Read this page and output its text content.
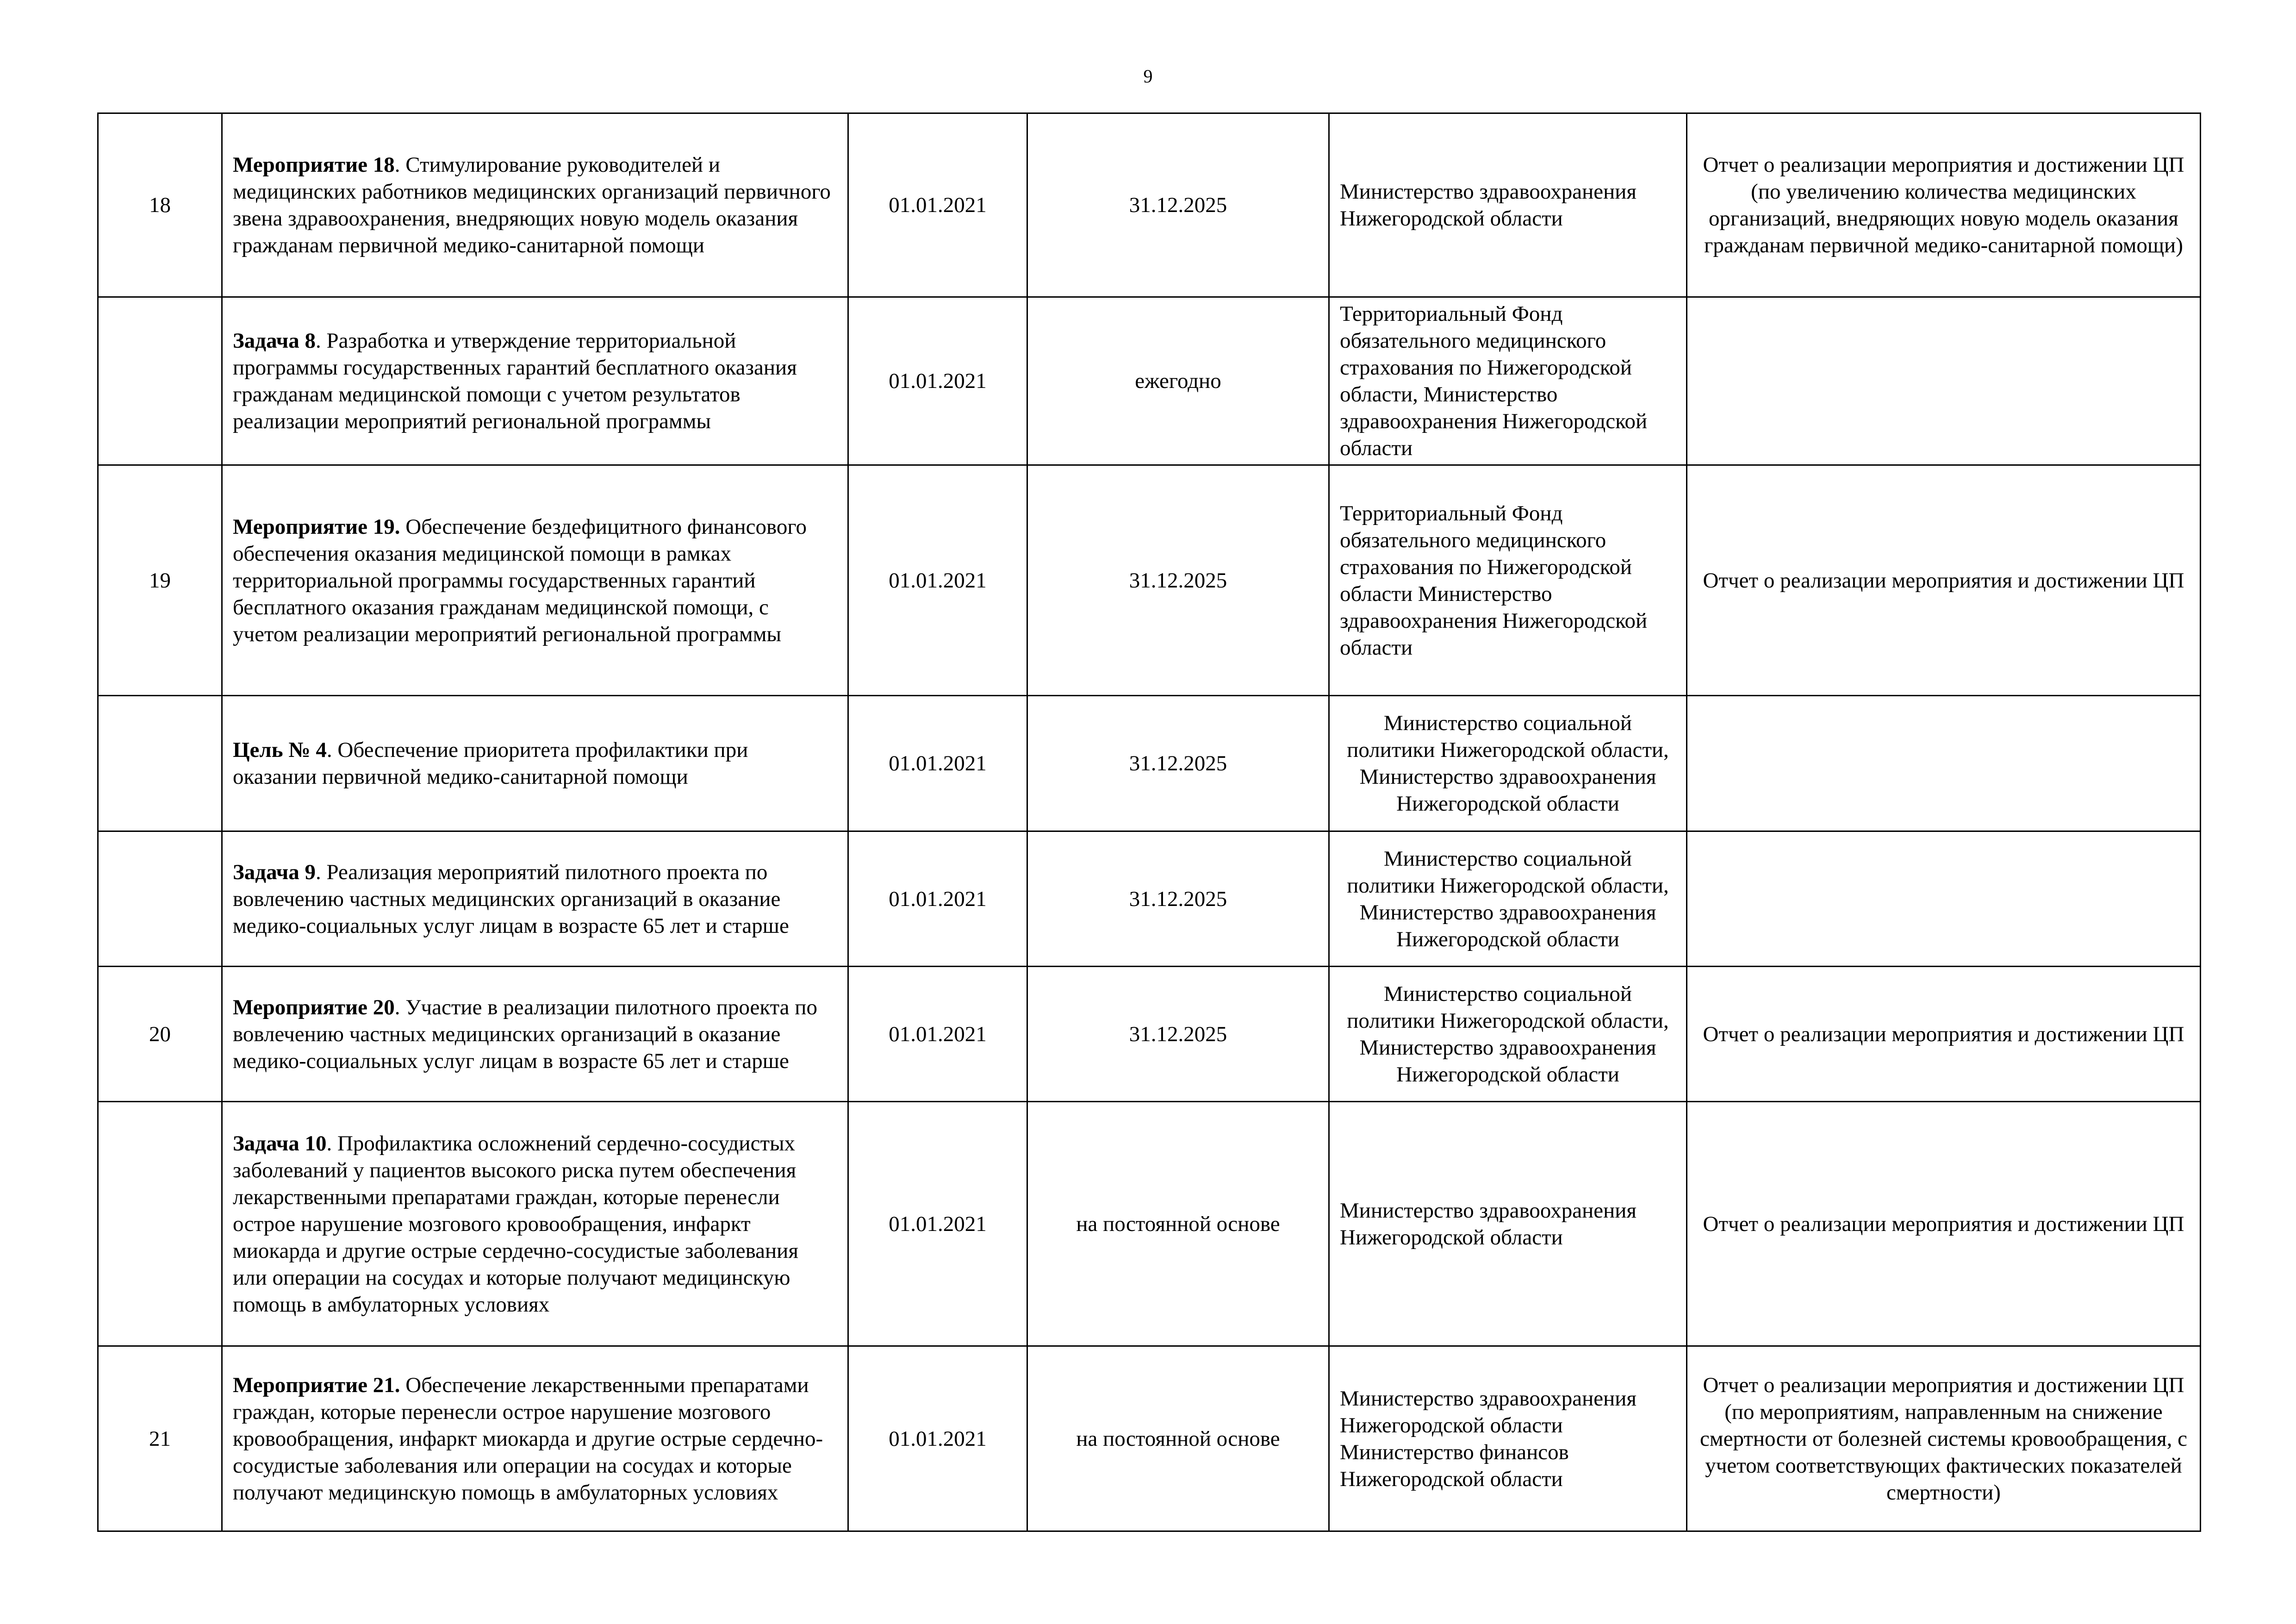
9
18	Мероприятие 18. Стимулирование руководителей и медицинских работников медицинских организаций первичного звена здравоохранения, внедряющих новую модель оказания гражданам первичной медико-санитарной помощи	01.01.2021	31.12.2025	Министерство здравоохранения Нижегородской области	Отчет о реализации мероприятия и достижении ЦП (по увеличению количества медицинских организаций, внедряющих новую модель оказания гражданам первичной медико-санитарной помощи)
	Задача 8. Разработка и утверждение территориальной программы государственных гарантий бесплатного оказания гражданам медицинской помощи с учетом результатов реализации мероприятий региональной программы	01.01.2021	ежегодно	Территориальный Фонд обязательного медицинского страхования по Нижегородской области, Министерство здравоохранения Нижегородской области	
19	Мероприятие 19. Обеспечение бездефицитного финансового обеспечения оказания медицинской помощи в рамках территориальной программы государственных гарантий бесплатного оказания гражданам медицинской помощи, с учетом реализации мероприятий региональной программы	01.01.2021	31.12.2025	Территориальный Фонд обязательного медицинского страхования по Нижегородской области Министерство здравоохранения Нижегородской области	Отчет о реализации мероприятия и достижении ЦП
	Цель № 4. Обеспечение приоритета профилактики при оказании первичной медико-санитарной помощи	01.01.2021	31.12.2025	Министерство социальной политики Нижегородской области, Министерство здравоохранения Нижегородской области	
	Задача 9. Реализация мероприятий пилотного проекта по вовлечению частных медицинских организаций в оказание медико-социальных услуг лицам в возрасте 65 лет и старше	01.01.2021	31.12.2025	Министерство социальной политики Нижегородской области, Министерство здравоохранения Нижегородской области	
20	Мероприятие 20. Участие в реализации пилотного проекта по вовлечению частных медицинских организаций в оказание медико-социальных услуг лицам в возрасте 65 лет и старше	01.01.2021	31.12.2025	Министерство социальной политики Нижегородской области, Министерство здравоохранения Нижегородской области	Отчет о реализации мероприятия и достижении ЦП
	Задача 10. Профилактика осложнений сердечно-сосудистых заболеваний у пациентов высокого риска путем обеспечения лекарственными препаратами граждан, которые перенесли острое нарушение мозгового кровообращения, инфаркт миокарда и другие острые сердечно-сосудистые заболевания или операции на сосудах и которые получают медицинскую помощь в амбулаторных условиях	01.01.2021	на постоянной основе	Министерство здравоохранения Нижегородской области	Отчет о реализации мероприятия и достижении ЦП
21	Мероприятие 21. Обеспечение лекарственными препаратами граждан, которые перенесли острое нарушение мозгового кровообращения, инфаркт миокарда и другие острые сердечно-сосудистые заболевания или операции на сосудах и которые получают медицинскую помощь в амбулаторных условиях	01.01.2021	на постоянной основе	Министерство здравоохранения Нижегородской области Министерство финансов Нижегородской области	Отчет о реализации мероприятия и достижении ЦП (по мероприятиям, направленным на снижение смертности от болезней системы кровообращения, с учетом соответствующих фактических показателей смертности)
